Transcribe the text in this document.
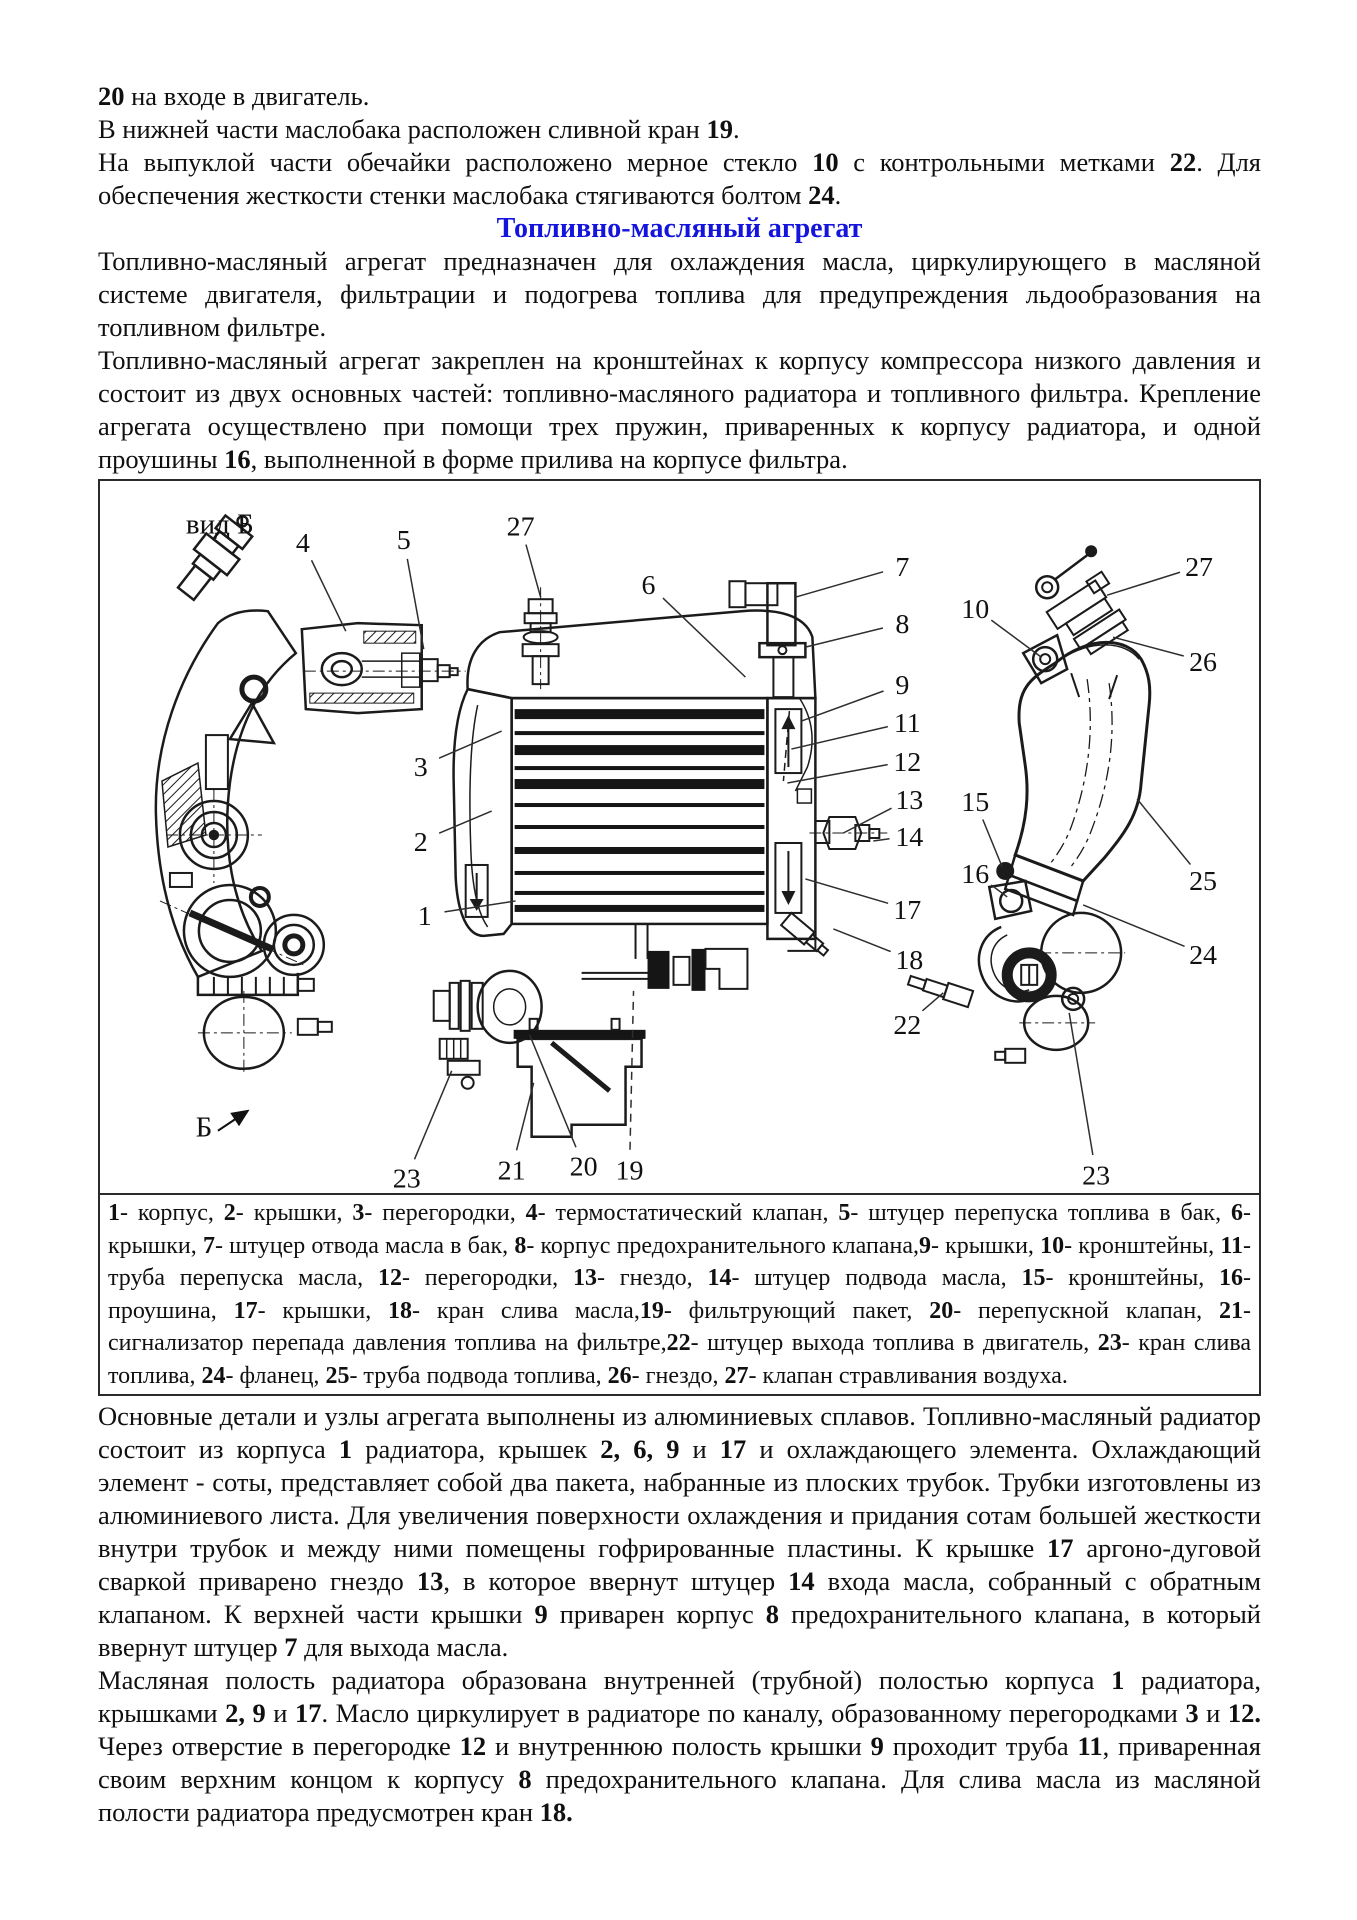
20 на входе в двигатель.

В нижней части маслобака расположен сливной кран 19.

На выпуклой части обечайки расположено мерное стекло 10 с контрольными метками 22. Для обеспечения жесткости стенки маслобака стягиваются болтом 24.

Топливно-масляный агрегат

Топливно-масляный агрегат предназначен для охлаждения масла, циркулирующего в масляной системе двигателя, фильтрации и подогрева топлива для предупреждения льдообразования на топливном фильтре.

Топливно-масляный агрегат закреплен на кронштейнах к корпусу компрессора низкого давления и состоит из двух основных частей: топливно-масляного радиатора и топливного фильтра. Крепление агрегата осуществлено при помощи трех пружин, приваренных к корпусу радиатора, и одной проушины 16, выполненной в форме прилива на корпусе фильтра.

вид Б
Б
4	5	27
6
7
8
9
11
12
13
14
17
18
10
27
26
15
16	25
24
22
23
1
2
3
21 20 19
23
1- корпус, 2- крышки, 3- перегородки, 4- термостатический клапан, 5- штуцер перепуска топлива в бак, 6- крышки, 7- штуцер отвода масла в бак, 8- корпус предохранительного клапана,9- крышки, 10- кронштейны, 11- труба перепуска масла, 12- перегородки, 13- гнездо, 14- штуцер подвода масла, 15- кронштейны, 16- проушина, 17- крышки, 18- кран слива масла,19- фильтрующий пакет, 20- перепускной клапан, 21- сигнализатор перепада давления топлива на фильтре,22- штуцер выхода топлива в двигатель, 23- кран слива топлива, 24- фланец, 25- труба подвода топлива, 26- гнездо, 27- клапан стравливания воздуха.

Основные детали и узлы агрегата выполнены из алюминиевых сплавов. Топливно-масляный радиатор состоит из корпуса 1 радиатора, крышек 2, 6, 9 и 17 и охлаждающего элемента. Охлаждающий элемент - соты, представляет собой два пакета, набранные из плоских трубок. Трубки изготовлены из алюминиевого листа. Для увеличения поверхности охлаждения и придания сотам большей жесткости внутри трубок и между ними помещены гофрированные пластины. К крышке 17 аргоно-дуговой сваркой приварено гнездо 13, в которое ввернут штуцер 14 входа масла, собранный с обратным клапаном. К верхней части крышки 9 приварен корпус 8 предохранительного клапана, в который ввернут штуцер 7 для выхода масла.

Масляная полость радиатора образована внутренней (трубной) полостью корпуса 1 радиатора, крышками 2, 9 и 17. Масло циркулирует в радиаторе по каналу, образованному перегородками 3 и 12. Через отверстие в перегородке 12 и внутреннюю полость крышки 9 проходит труба 11, приваренная своим верхним концом к корпусу 8 предохранительного клапана. Для слива масла из масляной полости радиатора предусмотрен кран 18.
